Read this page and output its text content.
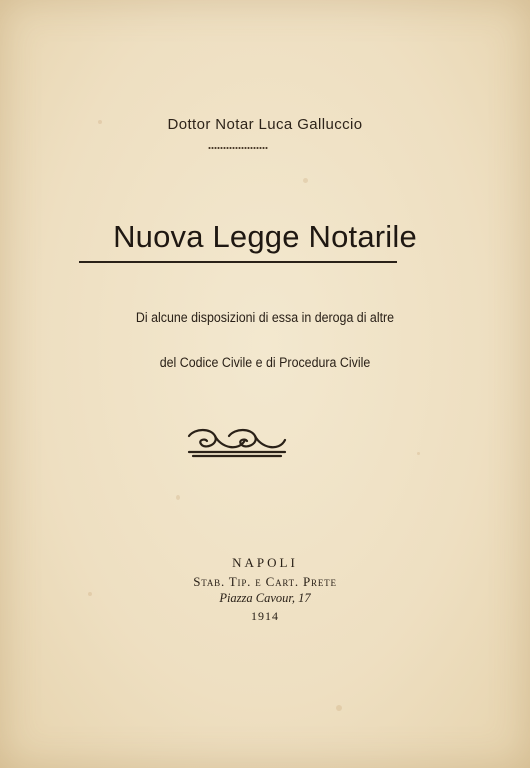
Dottor Notar Luca Galluccio
Nuova Legge Notarile
Di alcune disposizioni di essa in deroga di altre
del Codice Civile e di Procedura Civile
NAPOLI
Stab. Tip. e Cart. Prete
Piazza Cavour, 17
1914
